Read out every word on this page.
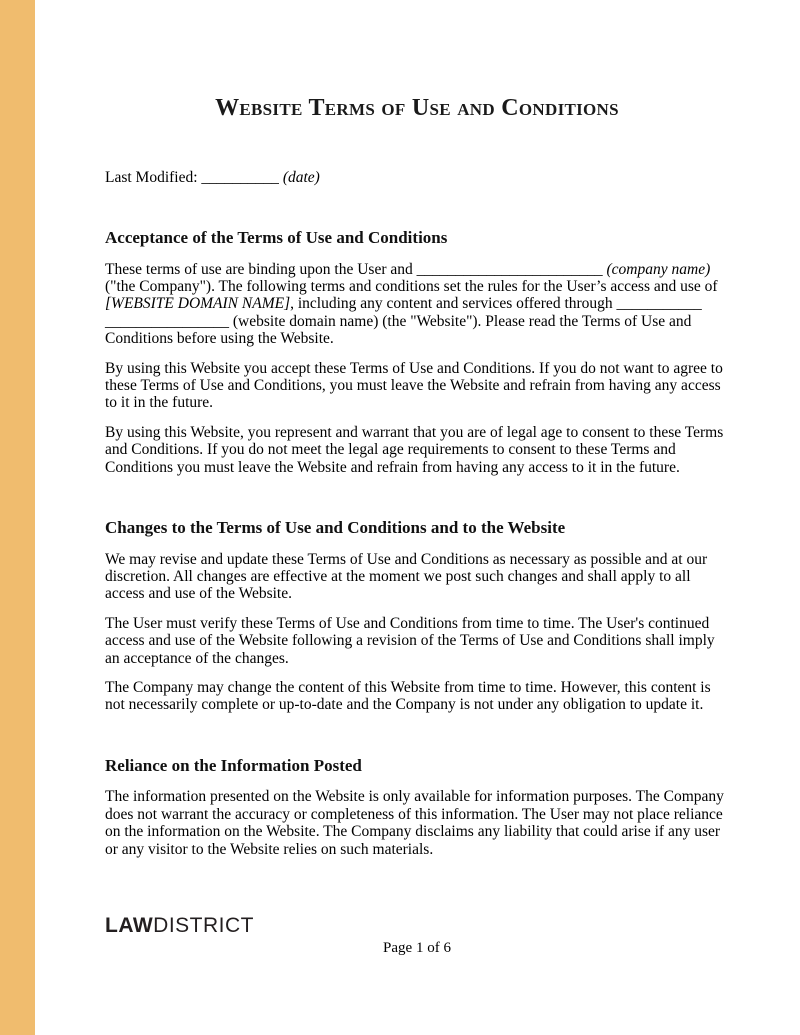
Website Terms of Use and Conditions
Last Modified: __________ (date)
Acceptance of the Terms of Use and Conditions

These terms of use are binding upon the User and ________________________ (company name) ("the Company"). The following terms and conditions set the rules for the User’s access and use of [WEBSITE DOMAIN NAME], including any content and services offered through ___________ ________________ (website domain name) (the "Website"). Please read the Terms of Use and Conditions before using the Website.

By using this Website you accept these Terms of Use and Conditions. If you do not want to agree to these Terms of Use and Conditions, you must leave the Website and refrain from having any access to it in the future.

By using this Website, you represent and warrant that you are of legal age to consent to these Terms and Conditions. If you do not meet the legal age requirements to consent to these Terms and Conditions you must leave the Website and refrain from having any access to it in the future.

Changes to the Terms of Use and Conditions and to the Website

We may revise and update these Terms of Use and Conditions as necessary as possible and at our discretion. All changes are effective at the moment we post such changes and shall apply to all access and use of the Website.

The User must verify these Terms of Use and Conditions from time to time. The User's continued access and use of the Website following a revision of the Terms of Use and Conditions shall imply an acceptance of the changes.

The Company may change the content of this Website from time to time. However, this content is not necessarily complete or up-to-date and the Company is not under any obligation to update it.

Reliance on the Information Posted

The information presented on the Website is only available for information purposes. The Company does not warrant the accuracy or completeness of this information. The User may not place reliance on the information on the Website. The Company disclaims any liability that could arise if any user or any visitor to the Website relies on such materials.

LAWDISTRICT
Page 1 of 6
